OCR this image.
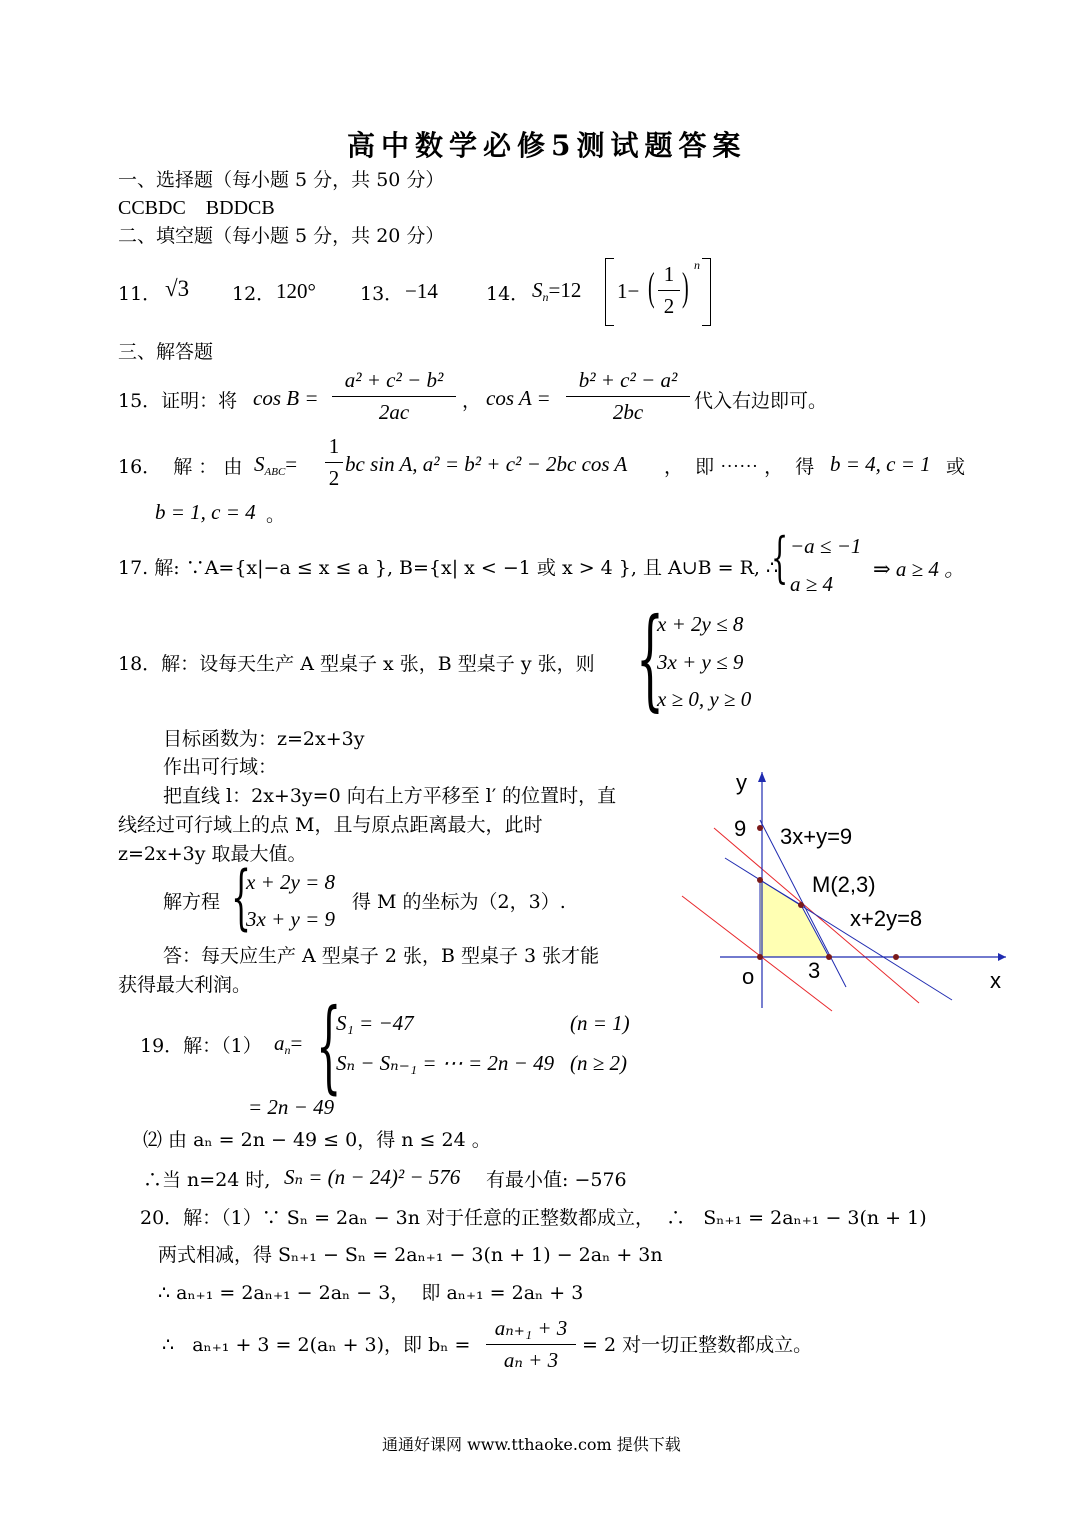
高中数学必修5测试题答案
一、选择题（每小题 5 分，共 50 分）
CCBDC    BDDCB
二、填空题（每小题 5 分，共 20 分）
11． √3 12． 120° 13． −14	14． $S_n=12$ 1− ( 1
2 ) n
三、解答题
15．证明：将 cos B =
a² + c² − b²
2ac	， cos A =
b² + c² − a²
2bc	代入右边即可。
16．  解 ： 由 $S_{ABC}=$
1
2
bc sin A, a² = b² + c² − 2bc cos A ，  即 ⋯⋯ ，  得 b = 4, c = 1 或
b = 1, c = 4 。
17. 解: ∵A={x|−a ≤ x ≤ a }, B={x| x < −1 或 x > 4 }, 且 A∪B = R, ∴
{ −a ≤ −1
a ≥ 4
⇒ a ≥ 4 。
18．解：设每天生产 A 型桌子 x 张，B 型桌子 y 张，则 {
x + 2y ≤ 8
3x + y ≤ 9
x ≥ 0, y ≥ 0
目标函数为：z=2x+3y
作出可行域：
把直线 l：2x+3y=0 向右上方平移至 l′ 的位置时，直
线经过可行域上的点 M，且与原点距离最大，此时
z=2x+3y 取最大值。
解方程 {
x + 2y = 8
3x + y = 9
得 M 的坐标为（2，3）.
答：每天应生产 A 型桌子 2 张，B 型桌子 3 张才能
获得最大利润。
y
x
o
9
3
3x+y=9
M(2,3)
x+2y=8
19．解：（1） $a_n=$ {
S₁ = −47	(n = 1)
Sₙ − Sₙ₋₁ = ⋯ = 2n − 49 (n ≥ 2)
= 2n − 49
⑵ 由 aₙ = 2n − 49 ≤ 0，得 n ≤ 24 。
∴当 n=24 时, Sₙ = (n − 24)² − 576 有最小值: −576
20．解：（1）∵ Sₙ = 2aₙ − 3n 对于任意的正整数都成立，  ∴   Sₙ₊₁ = 2aₙ₊₁ − 3(n + 1)
两式相减，得 Sₙ₊₁ − Sₙ = 2aₙ₊₁ − 3(n + 1) − 2aₙ + 3n
∴ aₙ₊₁ = 2aₙ₊₁ − 2aₙ − 3，  即 aₙ₊₁ = 2aₙ + 3
∴   aₙ₊₁ + 3 = 2(aₙ + 3)，即 bₙ =
aₙ₊₁ + 3
aₙ + 3
= 2 对一切正整数都成立。
通通好课网 www.tthaoke.com 提供下载
